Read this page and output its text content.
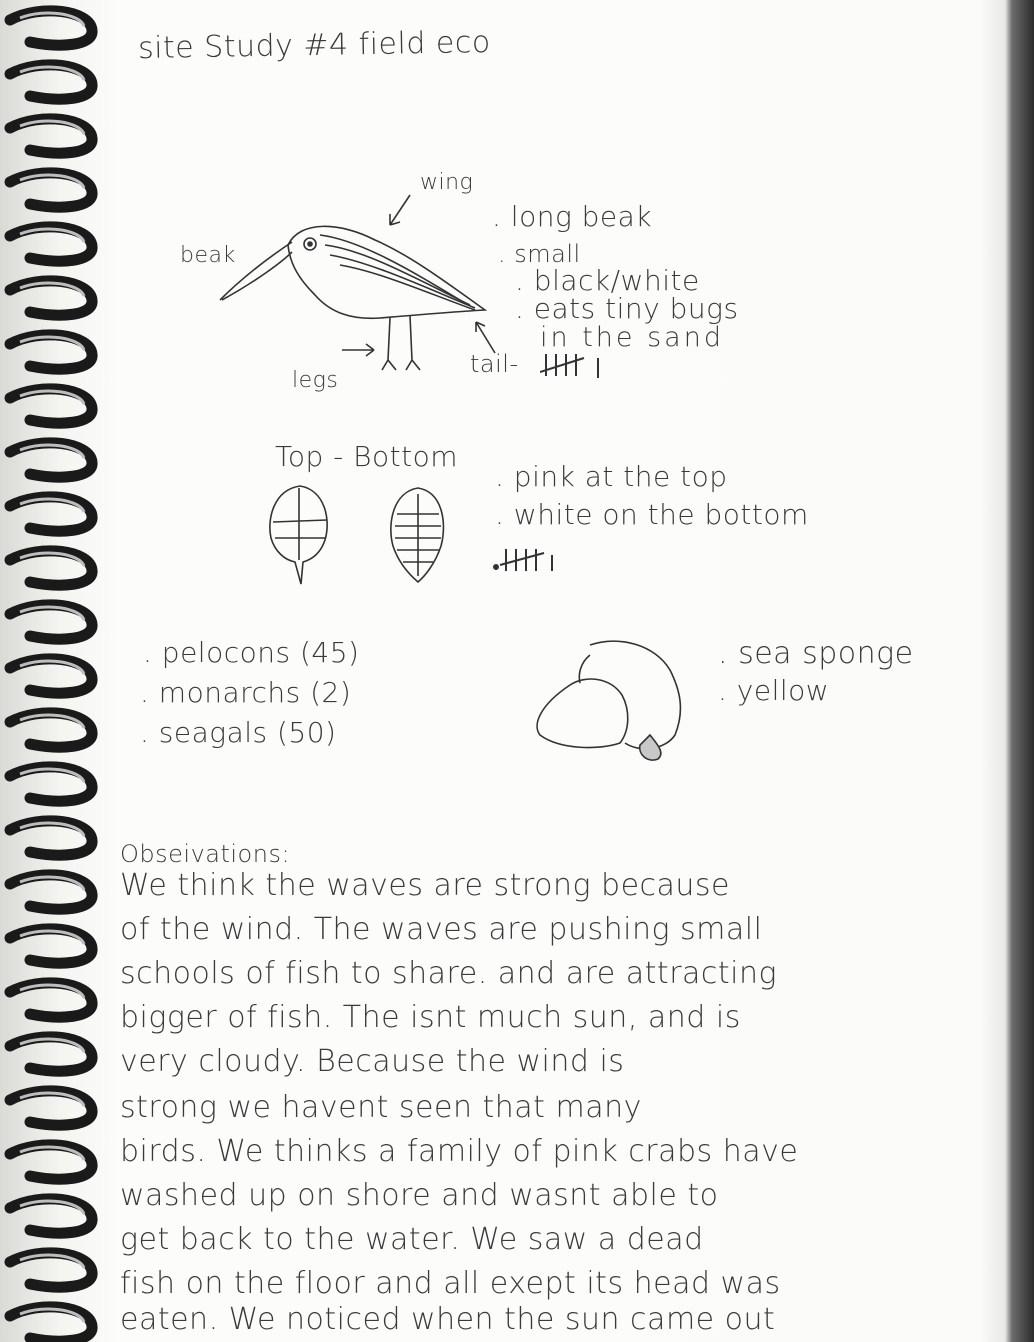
site Study #4 field eco
wing
beak
legs
tail-
. long beak
. small
. black/white
. eats tiny bugs
in the sand
Top - Bottom
. pink at the top
. white on the bottom
. pelocons (45)
. monarchs (2)
. seagals (50)
. sea sponge
. yellow
Obseivations:
We think the waves are strong because
of the wind. The waves are pushing small
schools of fish to share. and are attracting
bigger of fish. The isnt much sun, and is
very cloudy. Because the wind is
strong we havent seen that many
birds. We thinks a family of pink crabs have
washed up on shore and wasnt able to
get back to the water. We saw a dead
fish on the floor and all exept its head was
eaten. We noticed when the sun came out
